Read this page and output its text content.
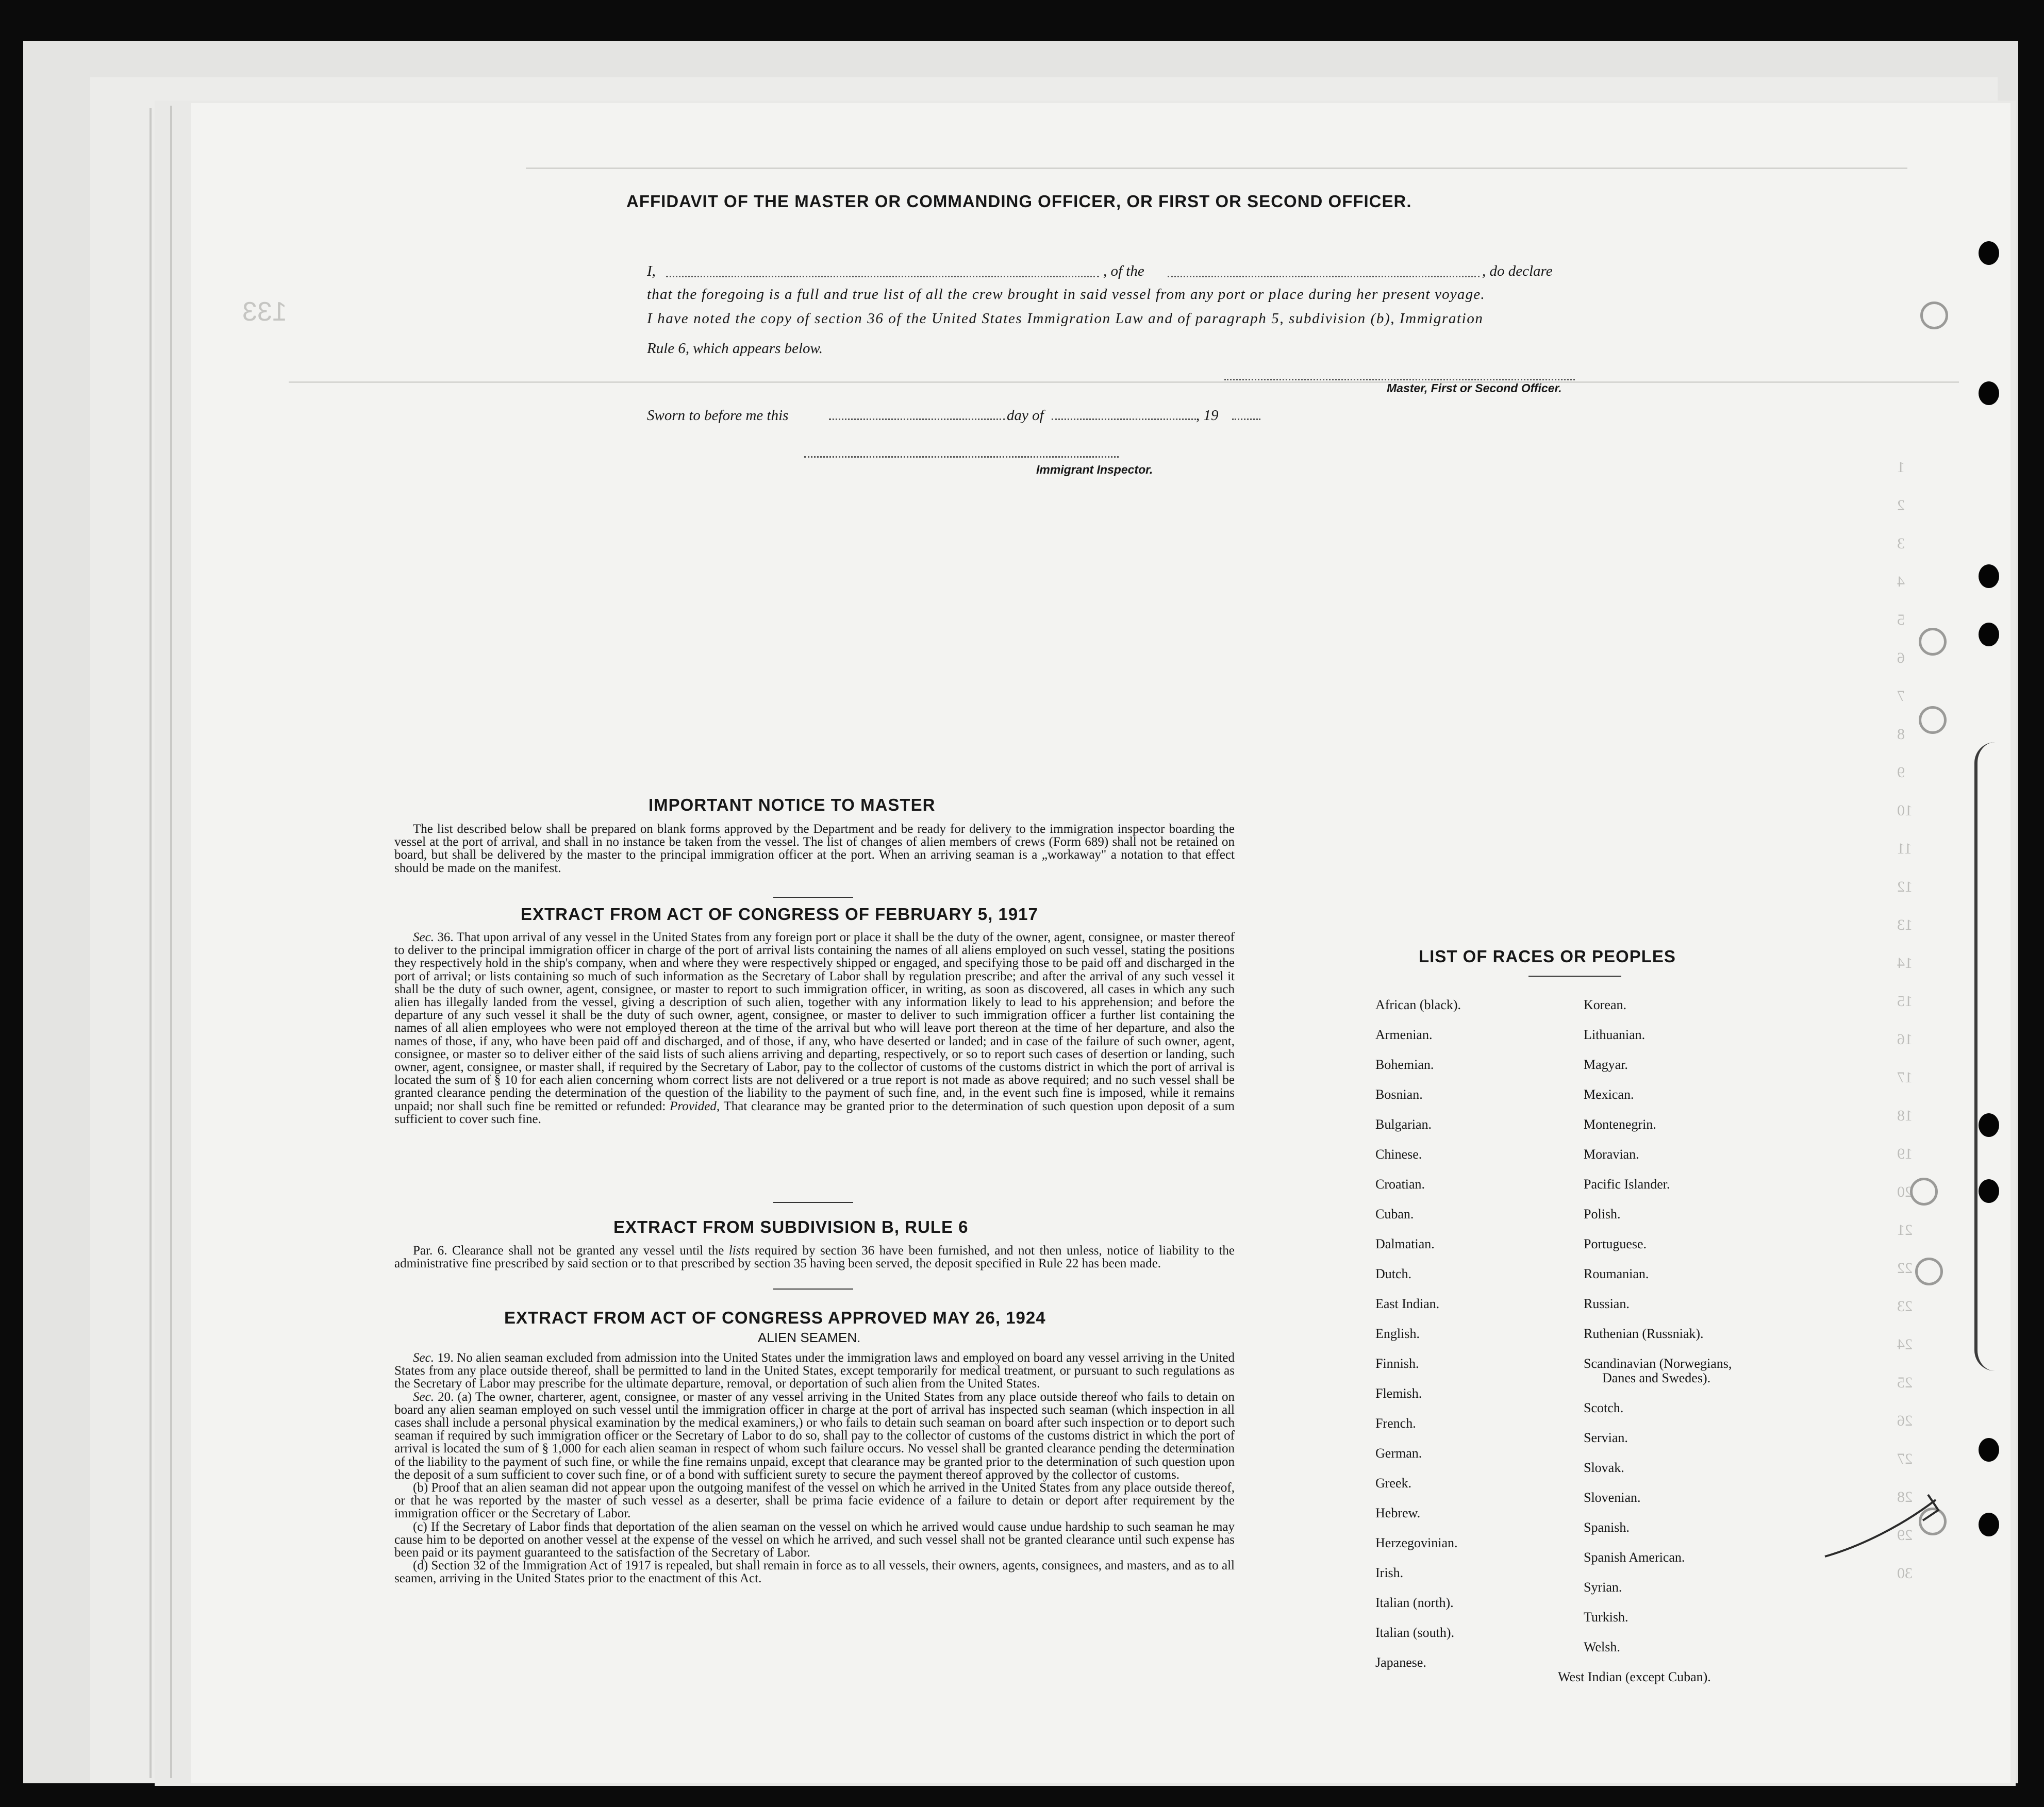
133
1
2
3
4
5
6
7
8
9
10
11
12
13
14
15
16
17
18
19
20
21
22
23
24
25
26
27
28
29
30
AFFIDAVIT OF THE MASTER OR COMMANDING OFFICER, OR FIRST OR SECOND OFFICER.
I,	, of the	, do declare
that the foregoing is a full and true list of all the crew brought in said vessel from any port or place during her present voyage.
I have noted the copy of section 36 of the United States Immigration Law and of paragraph 5, subdivision (b), Immigration
Rule 6, which appears below.
Master, First or Second Officer.
Sworn to before me this	day of	, 19
Immigrant Inspector.
IMPORTANT NOTICE TO MASTER

The list described below shall be prepared on blank forms approved by the Department and be ready for delivery to the immigration inspector boarding the vessel at the port of arrival, and shall in no instance be taken from the vessel. The list of changes of alien members of crews (Form 689) shall not be retained on board, but shall be delivered by the master to the principal immigration officer at the port. When an arriving seaman is a „workaway" a notation to that effect should be made on the manifest.

EXTRACT FROM ACT OF CONGRESS OF FEBRUARY 5, 1917

Sec. 36. That upon arrival of any vessel in the United States from any foreign port or place it shall be the duty of the owner, agent, consignee, or master thereof to deliver to the principal immigration officer in charge of the port of arrival lists containing the names of all aliens employed on such vessel, stating the positions they respectively hold in the ship's company, when and where they were respectively shipped or engaged, and specifying those to be paid off and discharged in the port of arrival; or lists containing so much of such information as the Secretary of Labor shall by regulation prescribe; and after the arrival of any such vessel it shall be the duty of such owner, agent, consignee, or master to report to such immigration officer, in writing, as soon as discovered, all cases in which any such alien has illegally landed from the vessel, giving a description of such alien, together with any information likely to lead to his apprehension; and before the departure of any such vessel it shall be the duty of such owner, agent, consignee, or master to deliver to such immigration officer a further list containing the names of all alien employees who were not employed thereon at the time of the arrival but who will leave port thereon at the time of her departure, and also the names of those, if any, who have been paid off and discharged, and of those, if any, who have deserted or landed; and in case of the failure of such owner, agent, consignee, or master so to deliver either of the said lists of such aliens arriving and departing, respectively, or so to report such cases of desertion or landing, such owner, agent, consignee, or master shall, if required by the Secretary of Labor, pay to the collector of customs of the customs district in which the port of arrival is located the sum of § 10 for each alien concerning whom correct lists are not delivered or a true report is not made as above required; and no such vessel shall be granted clearance pending the determination of the question of the liability to the payment of such fine, and, in the event such fine is imposed, while it remains unpaid; nor shall such fine be remitted or refunded: Provided, That clearance may be granted prior to the determination of such question upon deposit of a sum sufficient to cover such fine.

EXTRACT FROM SUBDIVISION B, RULE 6

Par. 6. Clearance shall not be granted any vessel until the lists required by section 36 have been furnished, and not then unless, notice of liability to the administrative fine prescribed by said section or to that prescribed by section 35 having been served, the deposit specified in Rule 22 has been made.

EXTRACT FROM ACT OF CONGRESS APPROVED MAY 26, 1924
ALIEN SEAMEN.

Sec. 19. No alien seaman excluded from admission into the United States under the immigration laws and employed on board any vessel arriving in the United States from any place outside thereof, shall be permitted to land in the United States, except temporarily for medical treatment, or pursuant to such regulations as the Secretary of Labor may prescribe for the ultimate departure, removal, or deportation of such alien from the United States.

Sec. 20. (a) The owner, charterer, agent, consignee, or master of any vessel arriving in the United States from any place outside thereof who fails to detain on board any alien seaman employed on such vessel until the immigration officer in charge at the port of arrival has inspected such seaman (which inspection in all cases shall include a personal physical examination by the medical examiners,) or who fails to detain such seaman on board after such inspection or to deport such seaman if required by such immigration officer or the Secretary of Labor to do so, shall pay to the collector of customs of the customs district in which the port of arrival is located the sum of § 1,000 for each alien seaman in respect of whom such failure occurs. No vessel shall be granted clearance pending the determination of the liability to the payment of such fine, or while the fine remains unpaid, except that clearance may be granted prior to the determination of such question upon the deposit of a sum sufficient to cover such fine, or of a bond with sufficient surety to secure the payment thereof approved by the collector of customs.

(b) Proof that an alien seaman did not appear upon the outgoing manifest of the vessel on which he arrived in the United States from any place outside thereof, or that he was reported by the master of such vessel as a deserter, shall be prima facie evidence of a failure to detain or deport after requirement by the immigration officer or the Secretary of Labor.

(c) If the Secretary of Labor finds that deportation of the alien seaman on the vessel on which he arrived would cause undue hardship to such seaman he may cause him to be deported on another vessel at the expense of the vessel on which he arrived, and such vessel shall not be granted clearance until such expense has been paid or its payment guaranteed to the satisfaction of the Secretary of Labor.

(d) Section 32 of the Immigration Act of 1917 is repealed, but shall remain in force as to all vessels, their owners, agents, consignees, and masters, and as to all seamen, arriving in the United States prior to the enactment of this Act.

LIST OF RACES OR PEOPLES
African (black).
Armenian.
Bohemian.
Bosnian.
Bulgarian.
Chinese.
Croatian.
Cuban.
Dalmatian.
Dutch.
East Indian.
English.
Finnish.
Flemish.
French.
German.
Greek.
Hebrew.
Herzegovinian.
Irish.
Italian (north).
Italian (south).
Japanese.
Korean.
Lithuanian.
Magyar.
Mexican.
Montenegrin.
Moravian.
Pacific Islander.
Polish.
Portuguese.
Roumanian.
Russian.
Ruthenian (Russniak).
Scandinavian (Norwegians,
Danes and Swedes).
Scotch.
Servian.
Slovak.
Slovenian.
Spanish.
Spanish American.
Syrian.
Turkish.
Welsh.
West Indian (except Cuban).
